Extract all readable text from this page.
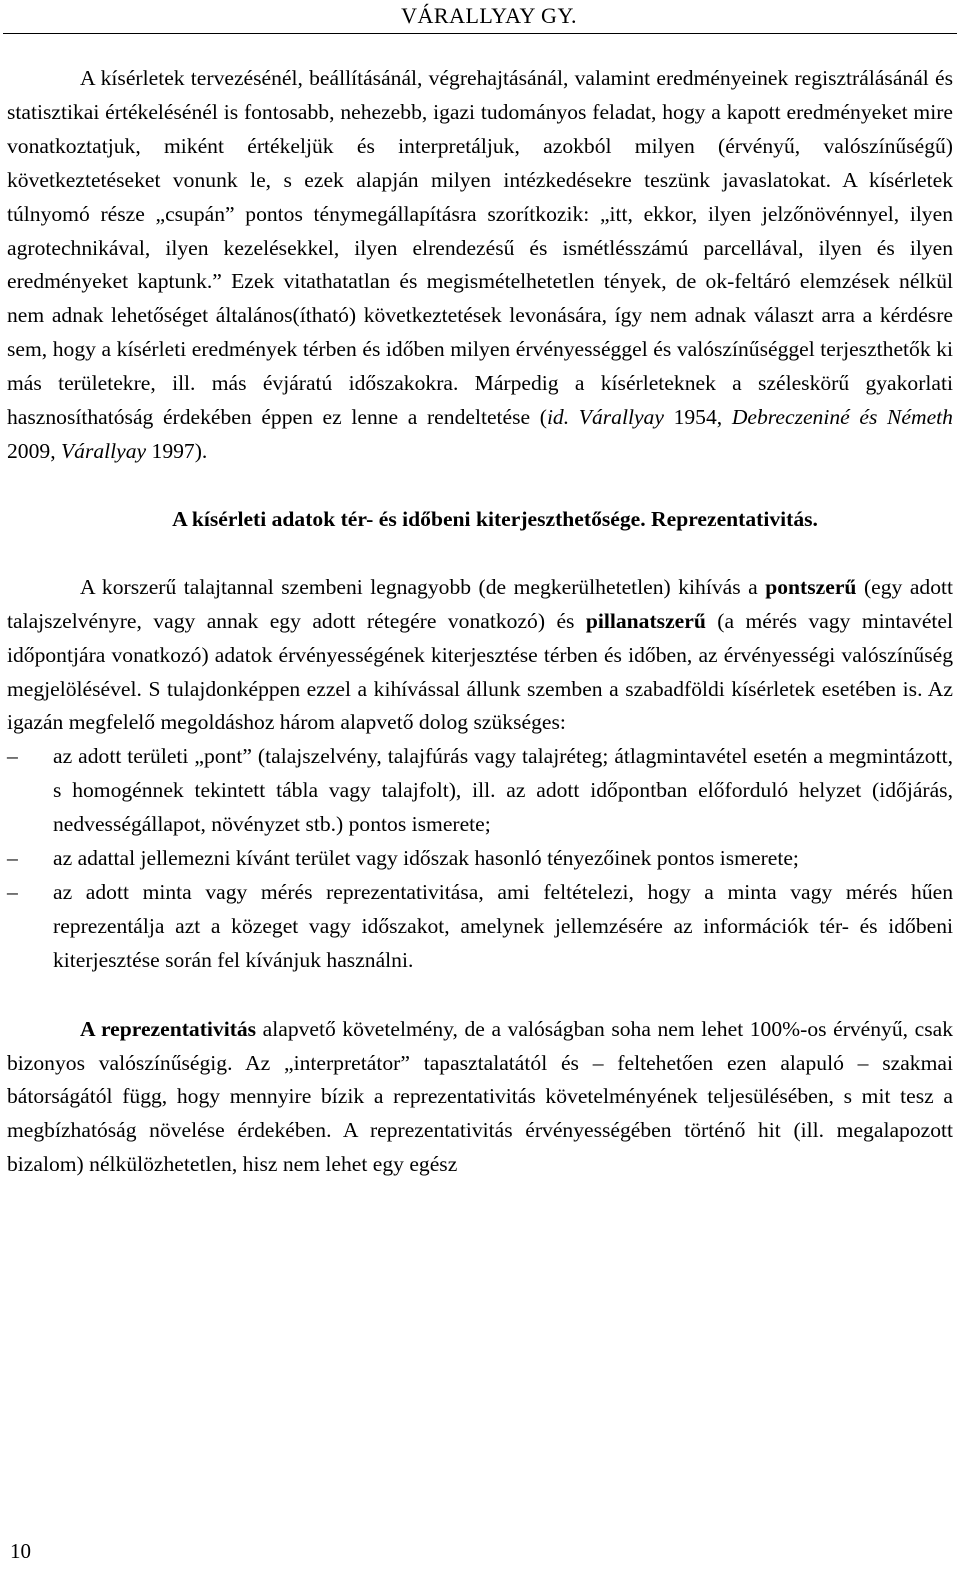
VÁRALLYAY GY.

A kísérletek tervezésénél, beállításánál, végrehajtásánál, valamint eredményeinek regisztrálásánál és statisztikai értékelésénél is fontosabb, nehezebb, igazi tudományos feladat, hogy a kapott eredményeket mire vonatkoztatjuk, miként értékeljük és interpretáljuk, azokból milyen (érvényű, valószínűségű) következtetéseket vonunk le, s ezek alapján milyen intézkedésekre teszünk javaslatokat. A kísérletek túlnyomó része „csupán” pontos ténymegállapításra szorítkozik: „itt, ekkor, ilyen jelzőnövénnyel, ilyen agrotechnikával, ilyen kezelésekkel, ilyen elrendezésű és ismétlésszámú parcellával, ilyen és ilyen eredményeket kaptunk.” Ezek vitathatatlan és megismételhetetlen tények, de ok-feltáró elemzések nélkül nem adnak lehetőséget általános(ítható) következtetések levonására, így nem adnak választ arra a kérdésre sem, hogy a kísérleti eredmények térben és időben milyen érvényességgel és valószínűséggel terjeszthetők ki más területekre, ill. más évjáratú időszakokra. Márpedig a kísérleteknek a széleskörű gyakorlati hasznosíthatóság érdekében éppen ez lenne a rendeltetése (id. Várallyay 1954, Debreczeniné és Németh 2009, Várallyay 1997).

A kísérleti adatok tér- és időbeni kiterjeszthetősége. Reprezentativitás.

A korszerű talajtannal szembeni legnagyobb (de megkerülhetetlen) kihívás a pontszerű (egy adott talajszelvényre, vagy annak egy adott rétegére vonatkozó) és pillanatszerű (a mérés vagy mintavétel időpontjára vonatkozó) adatok érvényességének kiterjesztése térben és időben, az érvényességi valószínűség megjelölésével. S tulajdonképpen ezzel a kihívással állunk szemben a szabadföldi kísérletek esetében is. Az igazán megfelelő megoldáshoz három alapvető dolog szükséges:

– az adott területi „pont” (talajszelvény, talajfúrás vagy talajréteg; átlagmintavétel esetén a megmintázott, s homogénnek tekintett tábla vagy talajfolt), ill. az adott időpontban előforduló helyzet (időjárás, nedvességállapot, növényzet stb.) pontos ismerete;
– az adattal jellemezni kívánt terület vagy időszak hasonló tényezőinek pontos ismerete;
– az adott minta vagy mérés reprezentativitása, ami feltételezi, hogy a minta vagy mérés hűen reprezentálja azt a közeget vagy időszakot, amelynek jellemzésére az információk tér- és időbeni kiterjesztése során fel kívánjuk használni.

A reprezentativitás alapvető követelmény, de a valóságban soha nem lehet 100%-os érvényű, csak bizonyos valószínűségig. Az „interpretátor” tapasztalatától és – feltehetően ezen alapuló – szakmai bátorságától függ, hogy mennyire bízik a reprezentativitás követelményének teljesülésében, s mit tesz a megbízhatóság növelése érdekében. A reprezentativitás érvényességében történő hit (ill. megalapozott bizalom) nélkülözhetetlen, hisz nem lehet egy egész

10
